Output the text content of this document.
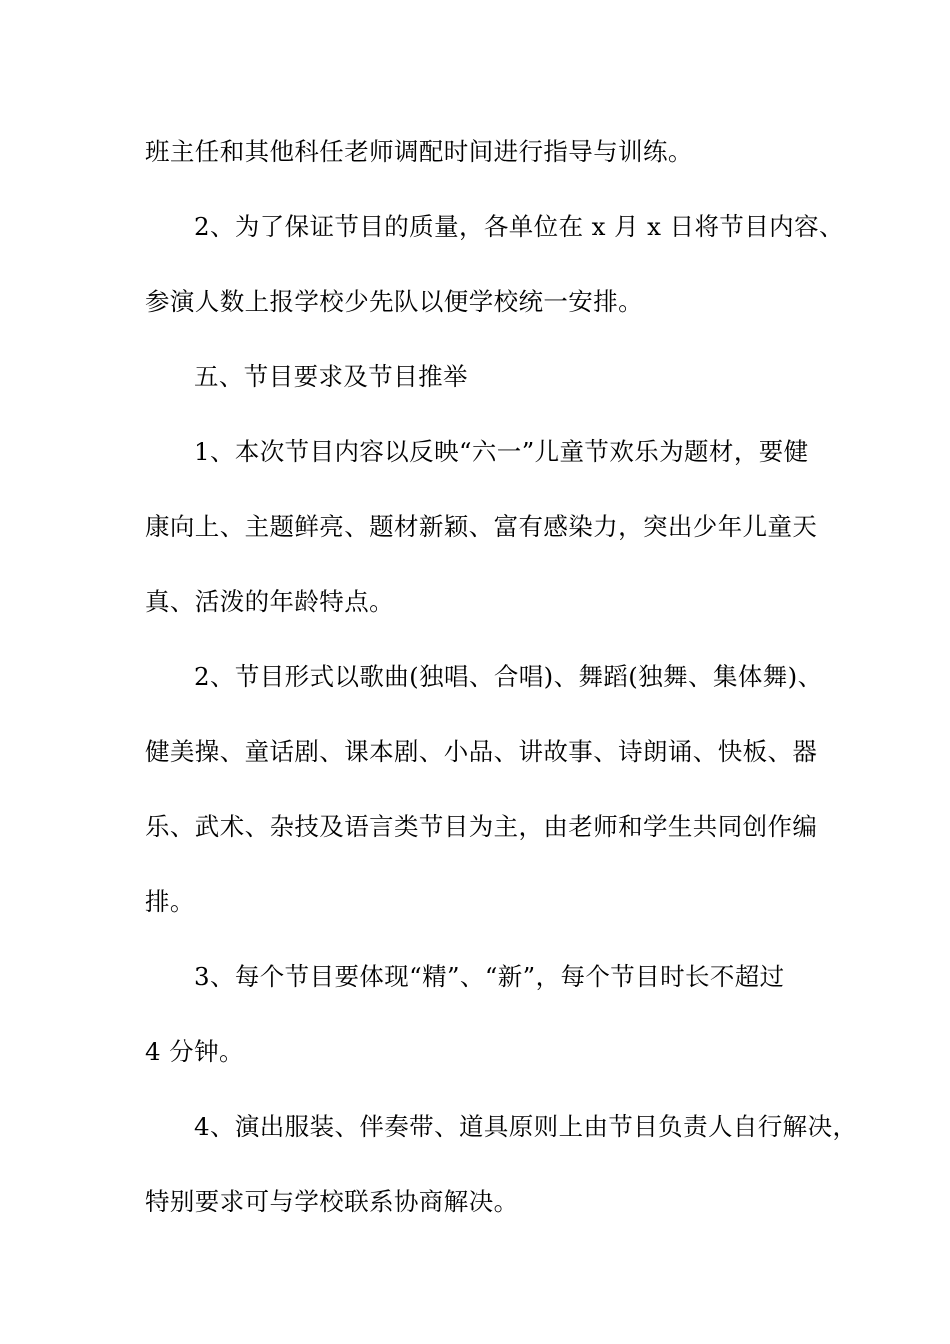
班主任和其他科任老师调配时间进行指导与训练。

2、为了保证节目的质量，各单位在 x 月 x 日将节目内容、

参演人数上报学校少先队以便学校统一安排。

五、节目要求及节目推举

1、本次节目内容以反映“六一”儿童节欢乐为题材，要健

康向上、主题鲜亮、题材新颖、富有感染力，突出少年儿童天

真、活泼的年龄特点。

2、节目形式以歌曲(独唱、合唱)、舞蹈(独舞、集体舞)、

健美操、童话剧、课本剧、小品、讲故事、诗朗诵、快板、器

乐、武术、杂技及语言类节目为主，由老师和学生共同创作编

排。

3、每个节目要体现“精”、“新”，每个节目时长不超过

4 分钟。

4、演出服装、伴奏带、道具原则上由节目负责人自行解决，

特别要求可与学校联系协商解决。
